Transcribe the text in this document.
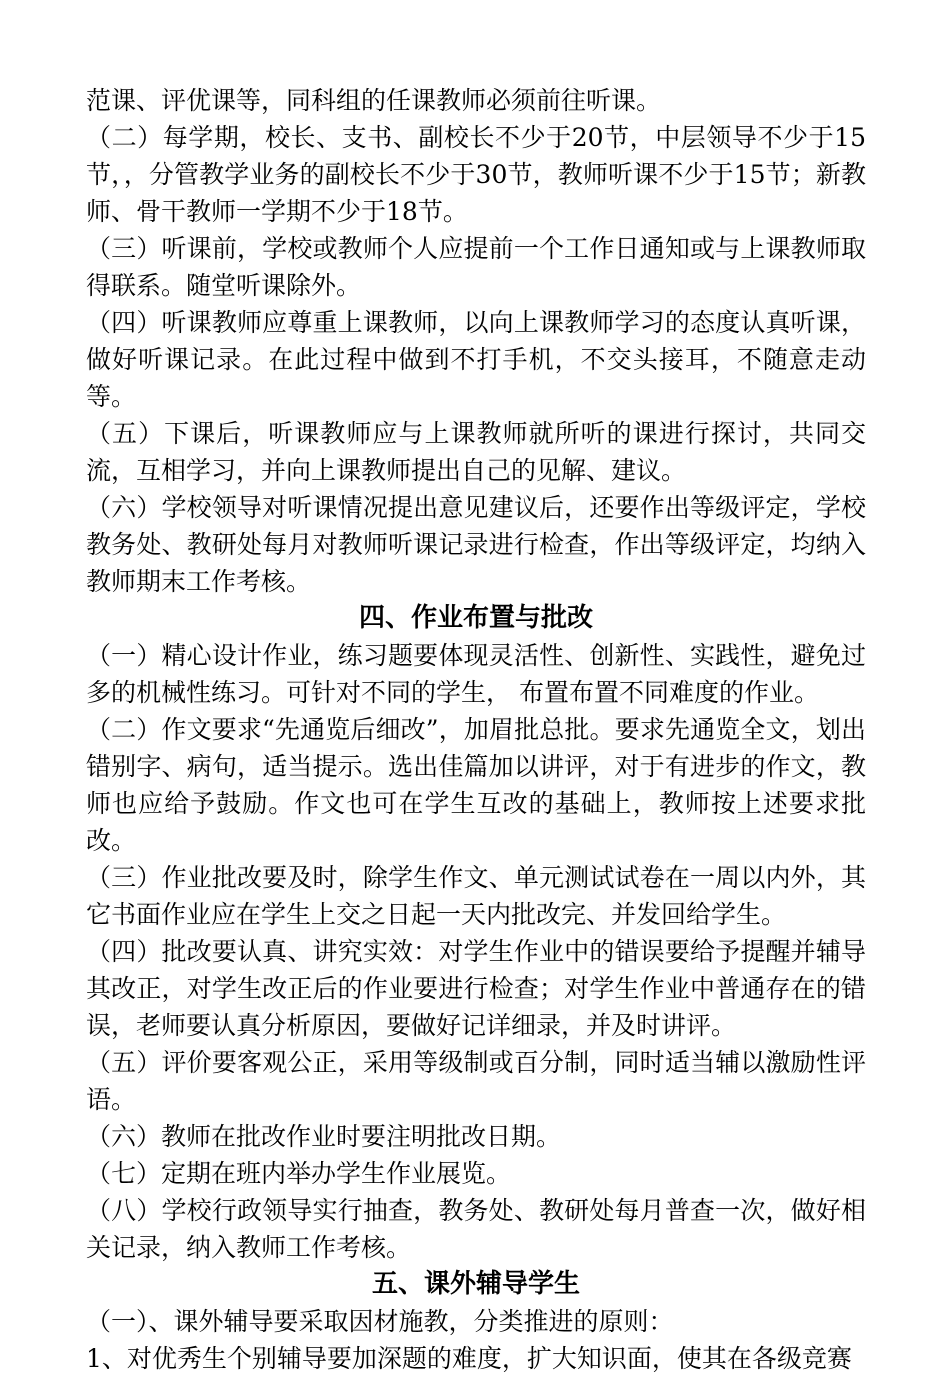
范课、评优课等，同科组的任课教师必须前往听课。

（二）每学期，校长、支书、副校长不少于20节，中层领导不少于15节，，分管教学业务的副校长不少于30节，教师听课不少于15节；新教师、骨干教师一学期不少于18节。

（三）听课前，学校或教师个人应提前一个工作日通知或与上课教师取得联系。随堂听课除外。

（四）听课教师应尊重上课教师，以向上课教师学习的态度认真听课，做好听课记录。在此过程中做到不打手机，不交头接耳，不随意走动等。

（五）下课后，听课教师应与上课教师就所听的课进行探讨，共同交流，互相学习，并向上课教师提出自己的见解、建议。

（六）学校领导对听课情况提出意见建议后，还要作出等级评定，学校教务处、教研处每月对教师听课记录进行检查，作出等级评定，均纳入教师期末工作考核。

四、作业布置与批改

（一）精心设计作业，练习题要体现灵活性、创新性、实践性，避免过多的机械性练习。可针对不同的学生， 布置布置不同难度的作业。

（二）作文要求“先通览后细改”，加眉批总批。要求先通览全文，划出错别字、病句，适当提示。选出佳篇加以讲评，对于有进步的作文，教师也应给予鼓励。作文也可在学生互改的基础上，教师按上述要求批改。

（三）作业批改要及时，除学生作文、单元测试试卷在一周以内外，其它书面作业应在学生上交之日起一天内批改完、并发回给学生。

（四）批改要认真、讲究实效：对学生作业中的错误要给予提醒并辅导其改正，对学生改正后的作业要进行检查；对学生作业中普通存在的错误，老师要认真分析原因，要做好记详细录，并及时讲评。

（五）评价要客观公正，采用等级制或百分制，同时适当辅以激励性评语。

（六）教师在批改作业时要注明批改日期。

（七）定期在班内举办学生作业展览。

（八）学校行政领导实行抽查，教务处、教研处每月普查一次，做好相关记录，纳入教师工作考核。

五、课外辅导学生

（一）、课外辅导要采取因材施教，分类推进的原则：

1、对优秀生个别辅导要加深题的难度，扩大知识面，使其在各级竞赛
